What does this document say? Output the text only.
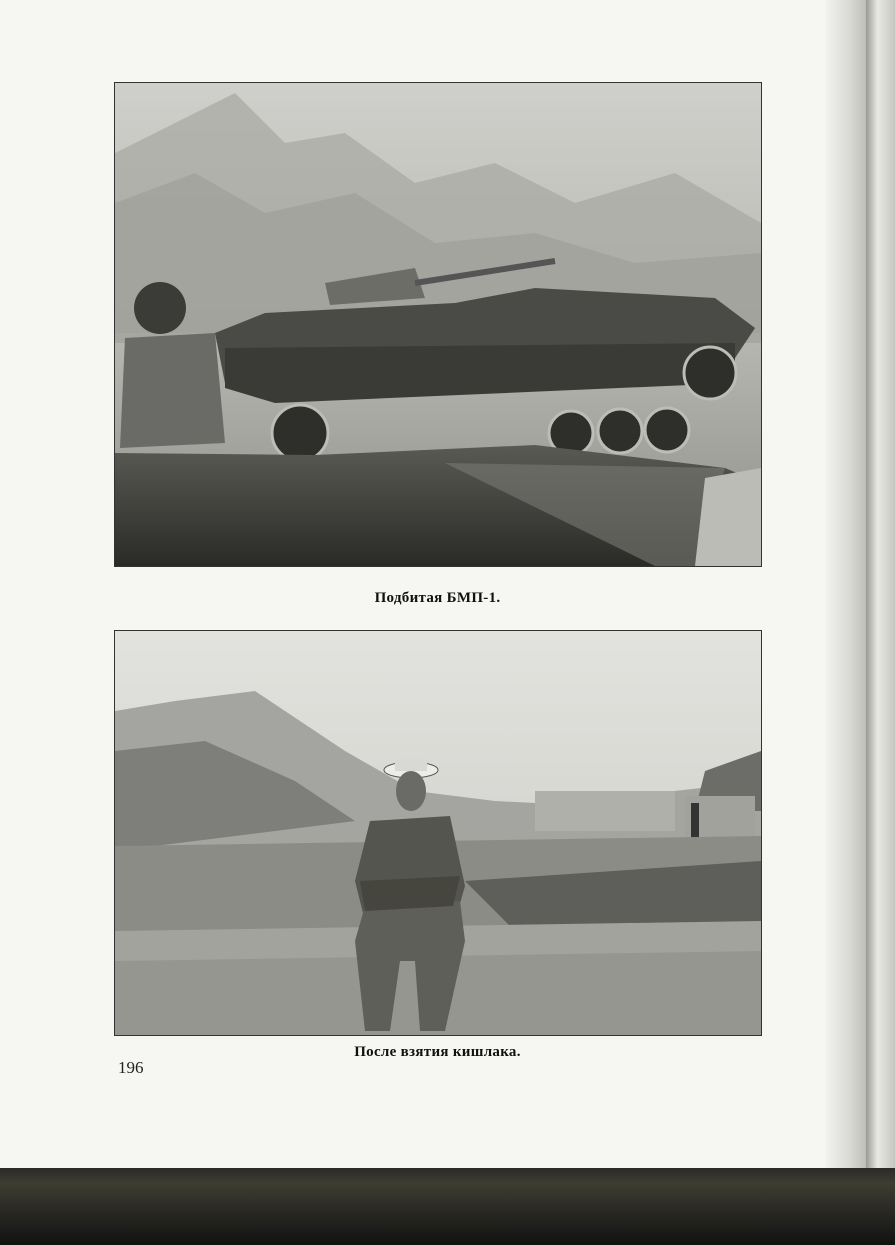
Подбитая БМП-1.
После взятия кишлака.
196
